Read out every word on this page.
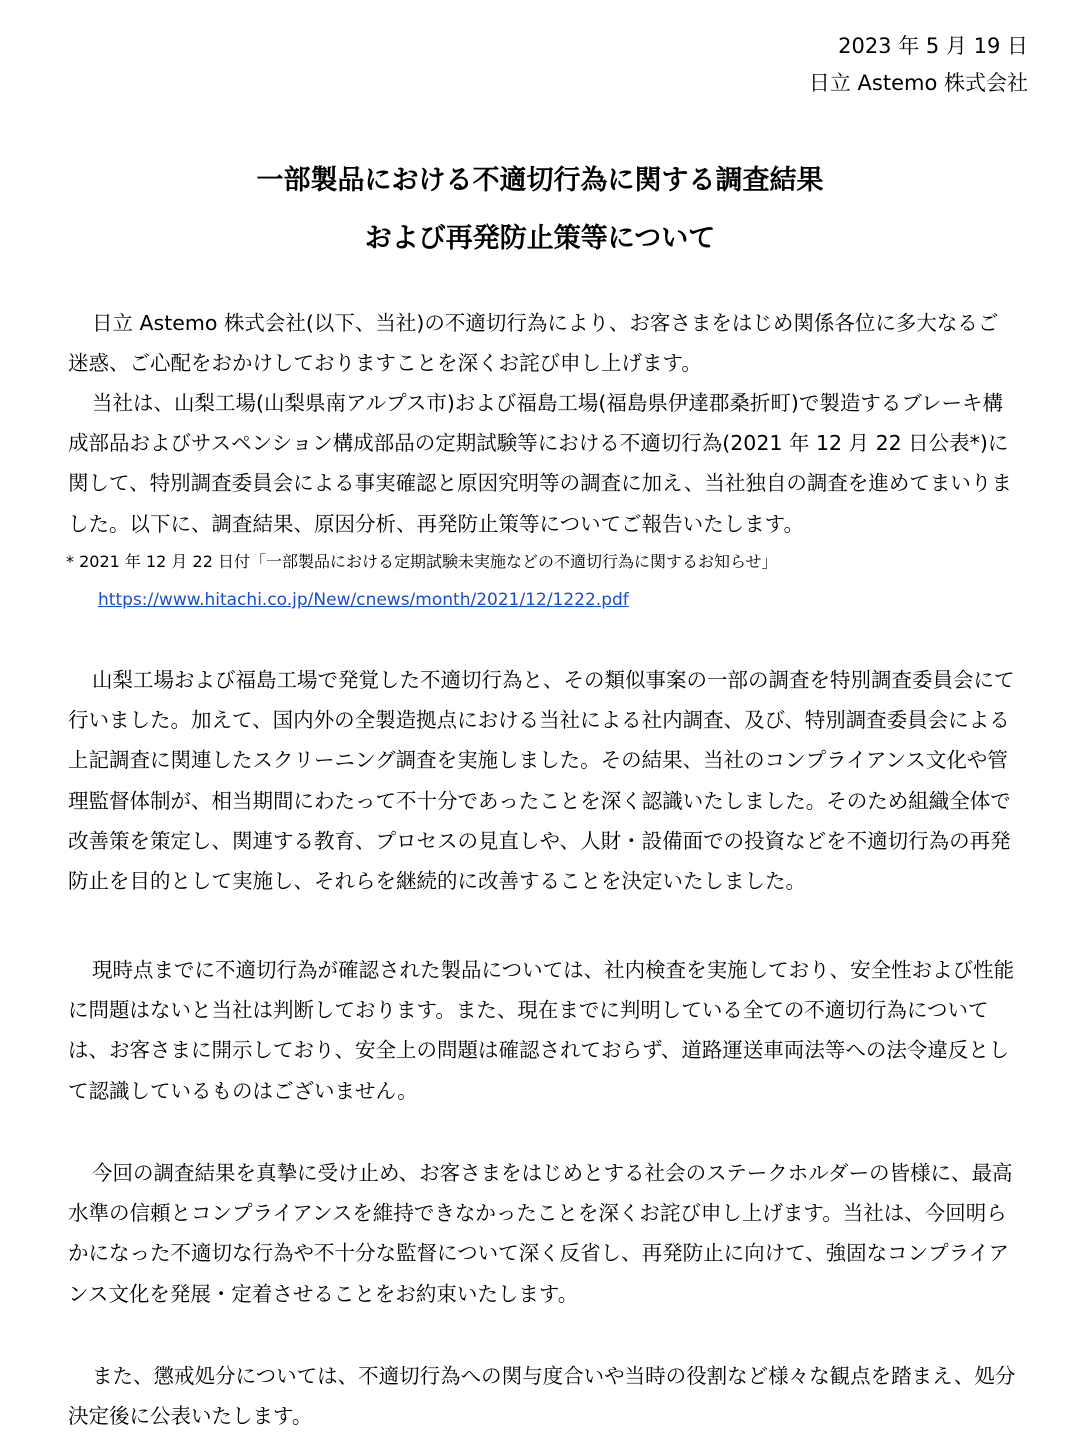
2023 年 5 月 19 日
日立 Astemo 株式会社
一部製品における不適切行為に関する調査結果
および再発防止策等について

日立 Astemo 株式会社(以下、当社)の不適切行為により、お客さまをはじめ関係各位に多大なるご迷惑、ご心配をおかけしておりますことを深くお詫び申し上げます。

当社は、山梨工場(山梨県南アルプス市)および福島工場(福島県伊達郡桑折町)で製造するブレーキ構成部品およびサスペンション構成部品の定期試験等における不適切行為(2021 年 12 月 22 日公表*)に関して、特別調査委員会による事実確認と原因究明等の調査に加え、当社独自の調査を進めてまいりました。以下に、調査結果、原因分析、再発防止策等についてご報告いたします。

* 2021 年 12 月 22 日付「一部製品における定期試験未実施などの不適切行為に関するお知らせ」
https://www.hitachi.co.jp/New/cnews/month/2021/12/1222.pdf

山梨工場および福島工場で発覚した不適切行為と、その類似事案の一部の調査を特別調査委員会にて行いました。加えて、国内外の全製造拠点における当社による社内調査、及び、特別調査委員会による上記調査に関連したスクリーニング調査を実施しました。その結果、当社のコンプライアンス文化や管理監督体制が、相当期間にわたって不十分であったことを深く認識いたしました。そのため組織全体で改善策を策定し、関連する教育、プロセスの見直しや、人財・設備面での投資などを不適切行為の再発防止を目的として実施し、それらを継続的に改善することを決定いたしました。

現時点までに不適切行為が確認された製品については、社内検査を実施しており、安全性および性能に問題はないと当社は判断しております。また、現在までに判明している全ての不適切行為については、お客さまに開示しており、安全上の問題は確認されておらず、道路運送車両法等への法令違反として認識しているものはございません。

今回の調査結果を真摯に受け止め、お客さまをはじめとする社会のステークホルダーの皆様に、最高水準の信頼とコンプライアンスを維持できなかったことを深くお詫び申し上げます。当社は、今回明らかになった不適切な行為や不十分な監督について深く反省し、再発防止に向けて、強固なコンプライアンス文化を発展・定着させることをお約束いたします。

また、懲戒処分については、不適切行為への関与度合いや当時の役割など様々な観点を踏まえ、処分決定後に公表いたします。
